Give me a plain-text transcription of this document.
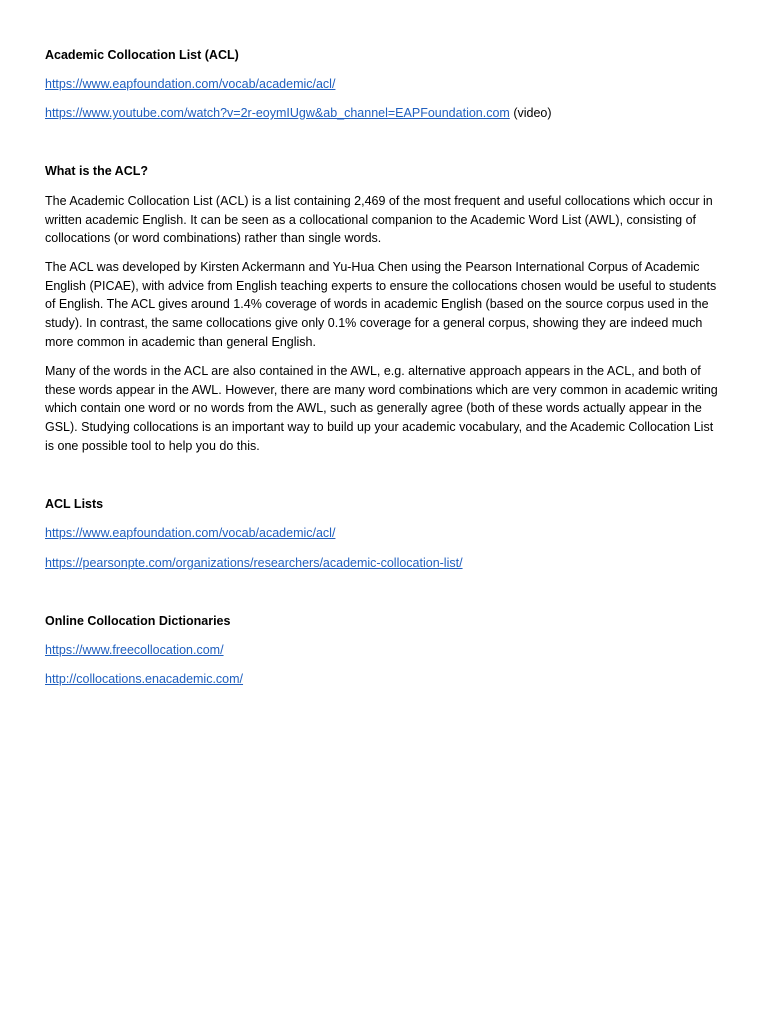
Academic Collocation List (ACL)
https://www.eapfoundation.com/vocab/academic/acl/
https://www.youtube.com/watch?v=2r-eoymIUgw&ab_channel=EAPFoundation.com (video)
What is the ACL?

The Academic Collocation List (ACL) is a list containing 2,469 of the most frequent and useful collocations which occur in written academic English. It can be seen as a collocational companion to the Academic Word List (AWL), consisting of collocations (or word combinations) rather than single words.

The ACL was developed by Kirsten Ackermann and Yu-Hua Chen using the Pearson International Corpus of Academic English (PICAE), with advice from English teaching experts to ensure the collocations chosen would be useful to students of English. The ACL gives around 1.4% coverage of words in academic English (based on the source corpus used in the study). In contrast, the same collocations give only 0.1% coverage for a general corpus, showing they are indeed much more common in academic than general English.

Many of the words in the ACL are also contained in the AWL, e.g. alternative approach appears in the ACL, and both of these words appear in the AWL. However, there are many word combinations which are very common in academic writing which contain one word or no words from the AWL, such as generally agree (both of these words actually appear in the GSL). Studying collocations is an important way to build up your academic vocabulary, and the Academic Collocation List is one possible tool to help you do this.

ACL Lists
https://www.eapfoundation.com/vocab/academic/acl/
https://pearsonpte.com/organizations/researchers/academic-collocation-list/
Online Collocation Dictionaries
https://www.freecollocation.com/
http://collocations.enacademic.com/
